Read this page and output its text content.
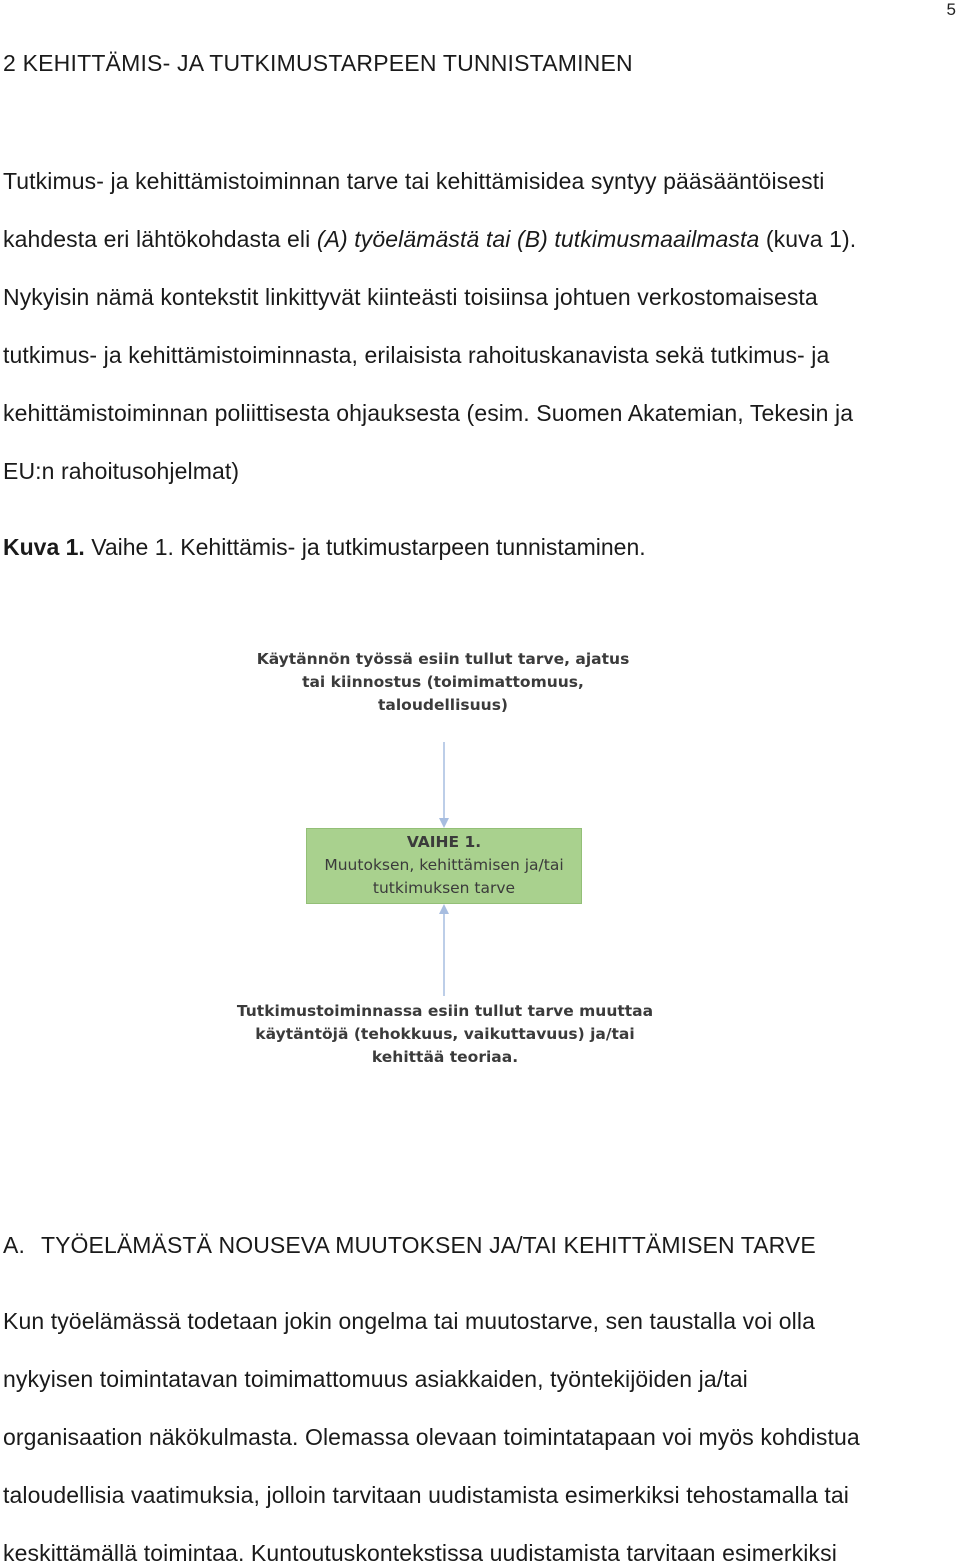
5
2 KEHITTÄMIS- JA TUTKIMUSTARPEEN TUNNISTAMINEN
Tutkimus- ja kehittämistoiminnan tarve tai kehittämisidea syntyy pääsääntöisesti
kahdesta eri lähtökohdasta eli (A) työelämästä tai (B) tutkimusmaailmasta (kuva 1).
Nykyisin nämä kontekstit linkittyvät kiinteästi toisiinsa johtuen verkostomaisesta
tutkimus- ja kehittämistoiminnasta, erilaisista rahoituskanavista sekä tutkimus- ja
kehittämistoiminnan poliittisesta ohjauksesta (esim. Suomen Akatemian, Tekesin ja
EU:n rahoitusohjelmat)
Kuva 1. Vaihe 1. Kehittämis- ja tutkimustarpeen tunnistaminen.
Käytännön työssä esiin tullut tarve, ajatus tai kiinnostus (toimimattomuus, taloudellisuus)
VAIHE 1.
Muutoksen, kehittämisen ja/tai
tutkimuksen tarve
Tutkimustoiminnassa esiin tullut tarve muuttaa käytäntöjä (tehokkuus, vaikuttavuus) ja/tai kehittää teoriaa.
A. TYÖELÄMÄSTÄ NOUSEVA MUUTOKSEN JA/TAI KEHITTÄMISEN TARVE
Kun työelämässä todetaan jokin ongelma tai muutostarve, sen taustalla voi olla
nykyisen toimintatavan toimimattomuus asiakkaiden, työntekijöiden ja/tai
organisaation näkökulmasta. Olemassa olevaan toimintatapaan voi myös kohdistua
taloudellisia vaatimuksia, jolloin tarvitaan uudistamista esimerkiksi tehostamalla tai
keskittämällä toimintaa. Kuntoutuskontekstissa uudistamista tarvitaan esimerkiksi
